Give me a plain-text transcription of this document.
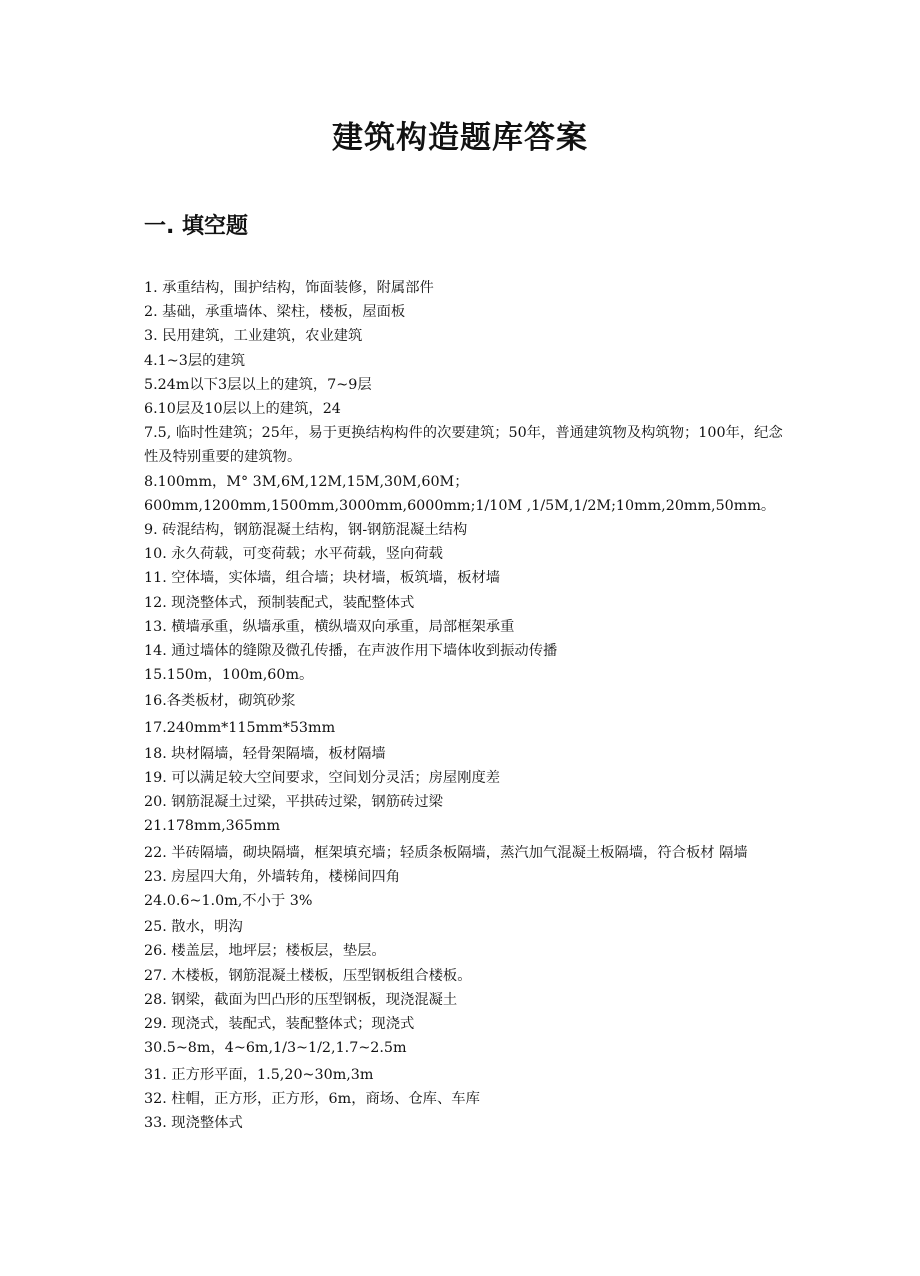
建筑构造题库答案
一. 填空题
1. 承重结构，围护结构，饰面装修，附属部件
2. 基础，承重墙体、梁柱，楼板，屋面板
3. 民用建筑，工业建筑，农业建筑
4.1~3层的建筑
5.24m以下3层以上的建筑，7~9层
6.10层及10层以上的建筑，24
7.5, 临时性建筑；25年，易于更换结构构件的次要建筑；50年，普通建筑物及构筑物；100年，纪念性及特别重要的建筑物。
8.100mm，M° 3M,6M,12M,15M,30M,60M；
600mm,1200mm,1500mm,3000mm,6000mm;1/10M ,1/5M,1/2M;10mm,20mm,50mm。
9. 砖混结构，钢筋混凝土结构，钢-钢筋混凝土结构
10. 永久荷载，可变荷载；水平荷载，竖向荷载
11. 空体墙，实体墙，组合墙；块材墙，板筑墙，板材墙
12. 现浇整体式，预制装配式，装配整体式
13. 横墙承重，纵墙承重，横纵墙双向承重，局部框架承重
14. 通过墙体的缝隙及微孔传播，在声波作用下墙体收到振动传播
15.150m，100m,60m。
16.各类板材，砌筑砂浆
17.240mm*115mm*53mm
18. 块材隔墙，轻骨架隔墙，板材隔墙
19. 可以满足较大空间要求，空间划分灵活；房屋刚度差
20. 钢筋混凝土过梁，平拱砖过梁，钢筋砖过梁
21.178mm,365mm
22. 半砖隔墙，砌块隔墙，框架填充墙；轻质条板隔墙，蒸汽加气混凝土板隔墙，符合板材 隔墙
23. 房屋四大角，外墙转角，楼梯间四角
24.0.6~1.0m,不小于 3%
25. 散水，明沟
26. 楼盖层，地坪层；楼板层，垫层。
27. 木楼板，钢筋混凝土楼板，压型钢板组合楼板。
28. 钢梁，截面为凹凸形的压型钢板，现浇混凝土
29. 现浇式，装配式，装配整体式；现浇式
30.5~8m，4~6m,1/3~1/2,1.7~2.5m
31. 正方形平面，1.5,20~30m,3m
32. 柱帽，正方形，正方形，6m，商场、仓库、车库
33. 现浇整体式
